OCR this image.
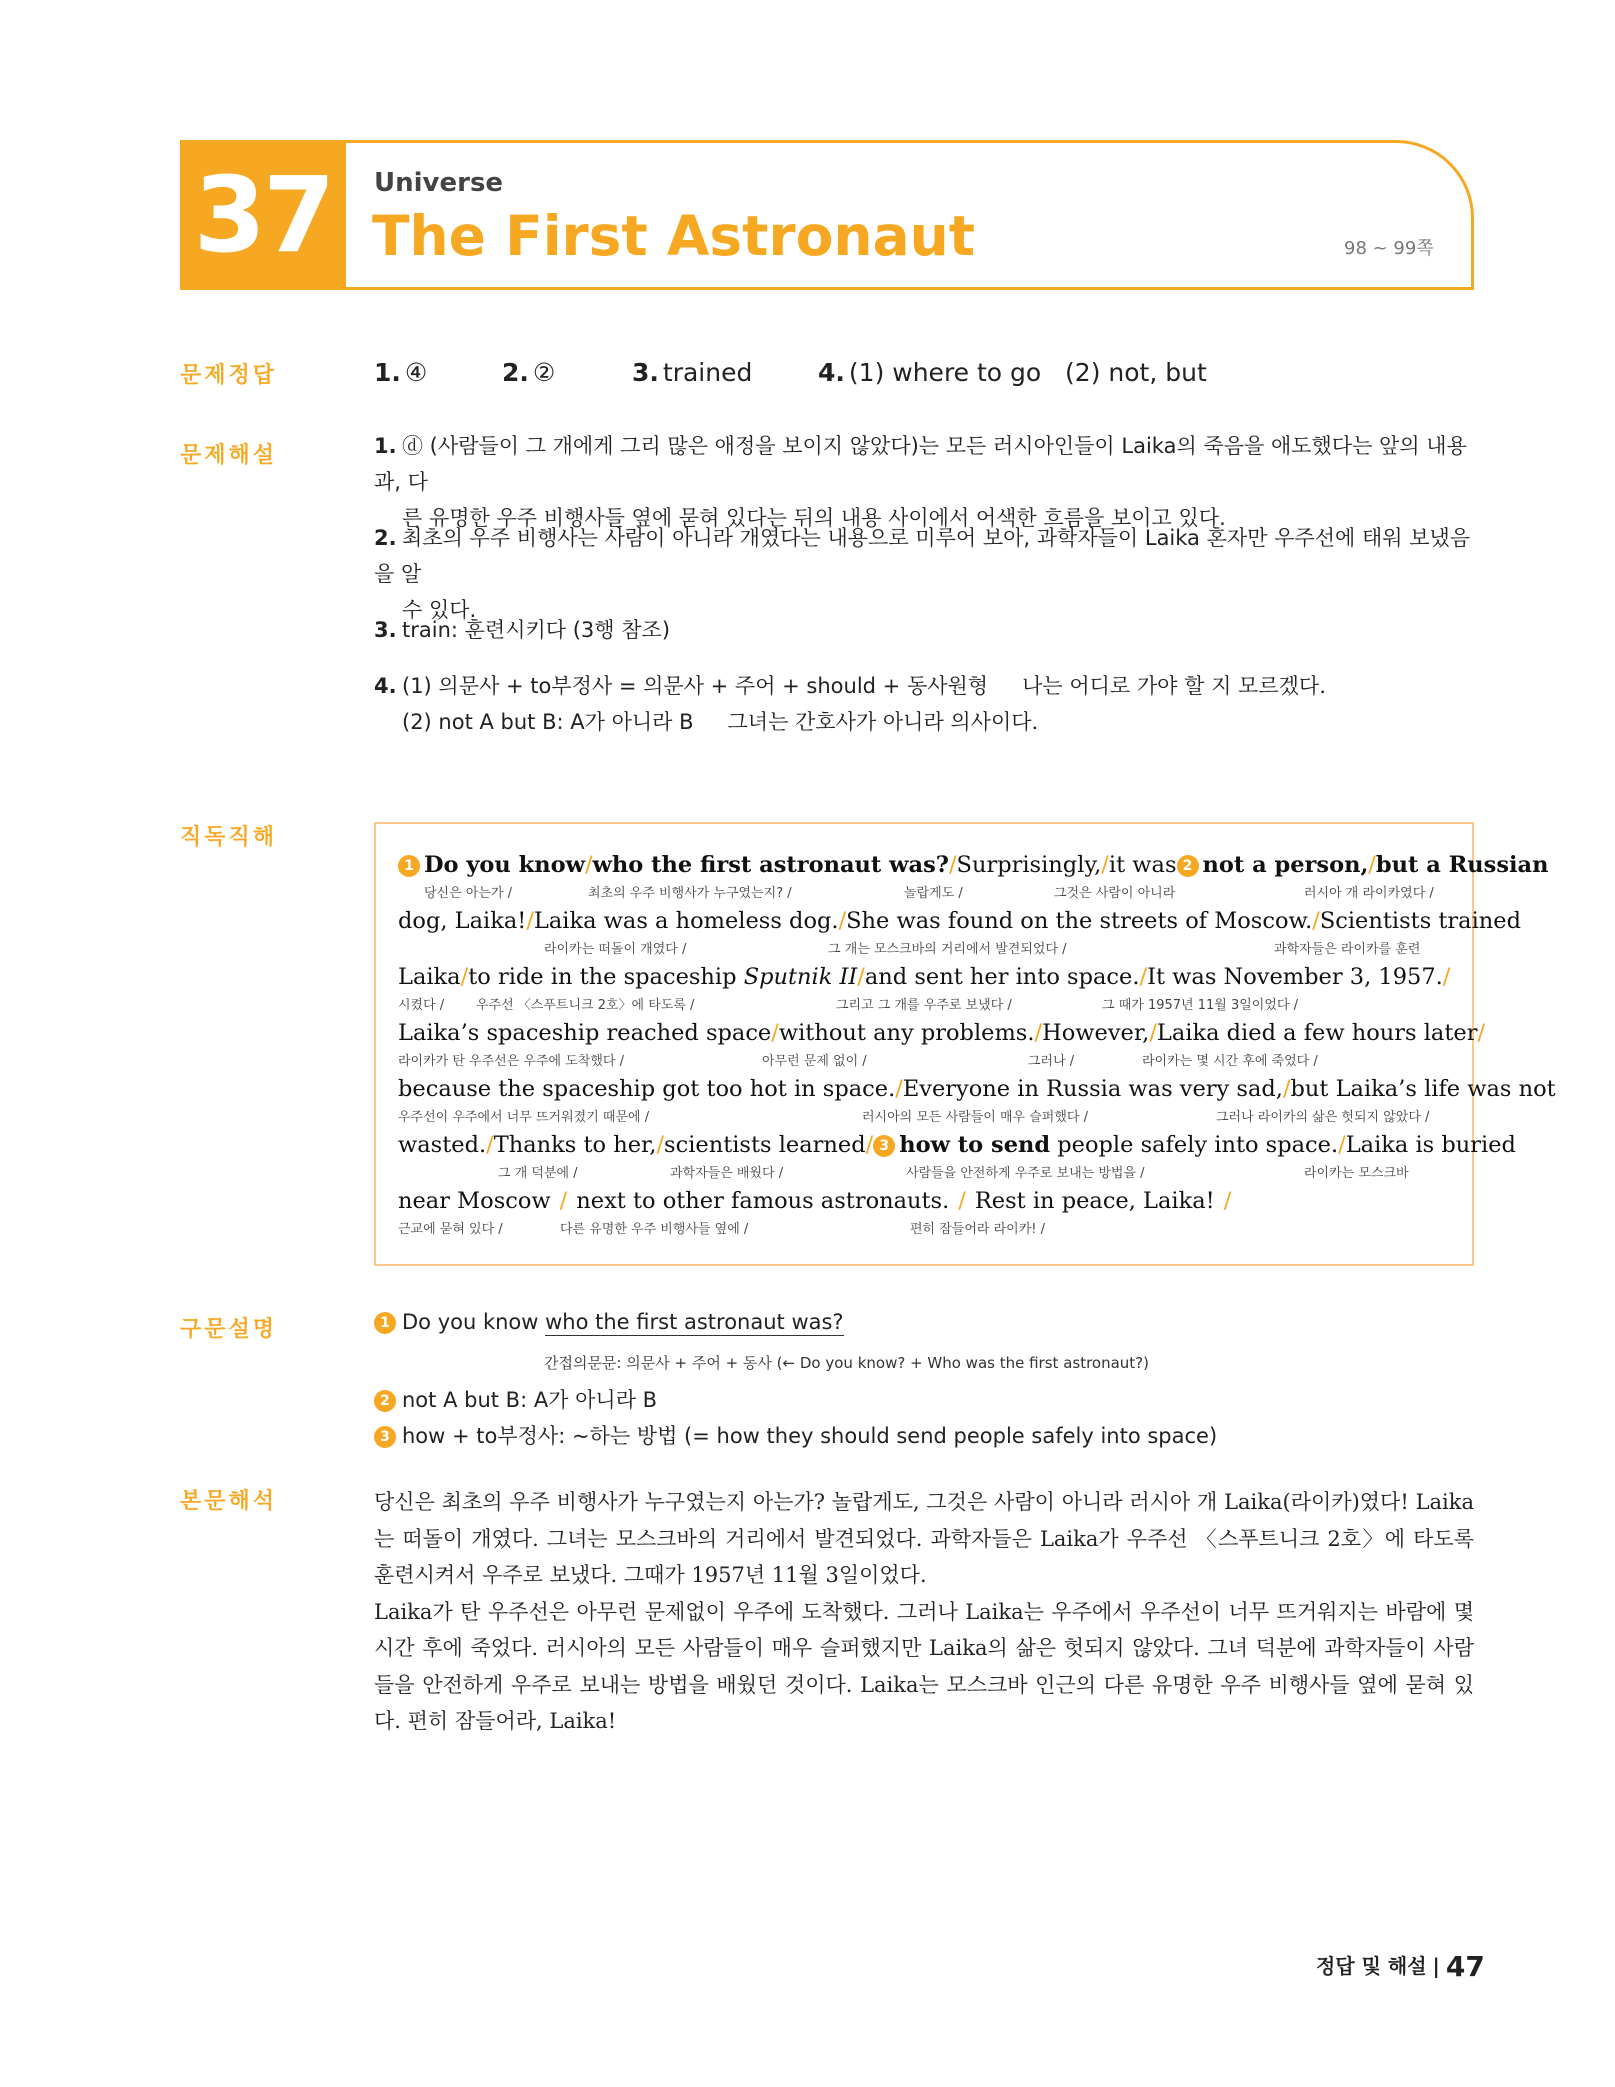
37	Universe
The First Astronaut	98 ~ 99쪽
문제정답
문제해설
직독직해
구문설명
본문해석
1. ④	2. ②	3. trained	4. (1) where to go   (2) not, but
1. ⓓ (사람들이 그 개에게 그리 많은 애정을 보이지 않았다)는 모든 러시아인들이 Laika의 죽음을 애도했다는 앞의 내용과, 다
른 유명한 우주 비행사들 옆에 묻혀 있다는 뒤의 내용 사이에서 어색한 흐름을 보이고 있다.
2. 최초의 우주 비행사는 사람이 아니라 개였다는 내용으로 미루어 보아, 과학자들이 Laika 혼자만 우주선에 태워 보냈음을 알
수 있다.
3. train: 훈련시키다 (3행 참조)
4. (1) 의문사 + to부정사 = 의문사 + 주어 + should + 동사원형 나는 어디로 가야 할 지 모르겠다.
(2) not A but B: A가 아니라 B 그녀는 간호사가 아니라 의사이다.
1 Do you know / who the first astronaut was? / Surprisingly, / it was 2 not a person, / but a Russian
당신은 아는가 /	최초의 우주 비행사가 누구였는지? /	놀랍게도 /	그것은 사람이 아니라	러시아 개 라이카였다 /
dog, Laika! / Laika was a homeless dog. / She was found on the streets of Moscow. / Scientists trained
라이카는 떠돌이 개였다 /	그 개는 모스크바의 거리에서 발견되었다 /	과학자들은 라이카를 훈련
Laika / to ride in the spaceship Sputnik II / and sent her into space. / It was November 3, 1957. /
시켰다 / 우주선 〈스푸트니크 2호〉에 타도록 /	그리고 그 개를 우주로 보냈다 /	그 때가 1957년 11월 3일이었다 /
Laika’s spaceship reached space / without any problems. / However, / Laika died a few hours later /
라이카가 탄 우주선은 우주에 도착했다 /	아무런 문제 없이 /	그러나 /	라이카는 몇 시간 후에 죽었다 /
because the spaceship got too hot in space. / Everyone in Russia was very sad, / but Laika’s life was not
우주선이 우주에서 너무 뜨거워졌기 때문에 /	러시아의 모든 사람들이 매우 슬퍼했다 /	그러나 라이카의 삶은 헛되지 않았다 /
wasted. / Thanks to her, / scientists learned / 3 how to send people safely into space. / Laika is buried
그 개 덕분에 /	과학자들은 배웠다 /	사람들을 안전하게 우주로 보내는 방법을 /	라이카는 모스크바
near Moscow / next to other famous astronauts. / Rest in peace, Laika! /
근교에 묻혀 있다 /	다른 유명한 우주 비행사들 옆에 /	편히 잠들어라 라이카! /
1 Do you know who the first astronaut was?
간접의문문: 의문사 + 주어 + 동사 (← Do you know? + Who was the first astronaut?)
2 not A but B: A가 아니라 B
3 how + to부정사: ~하는 방법 (= how they should send people safely into space)

당신은 최초의 우주 비행사가 누구였는지 아는가? 놀랍게도, 그것은 사람이 아니라 러시아 개 Laika(라이카)였다! Laika는 떠돌이 개였다. 그녀는 모스크바의 거리에서 발견되었다. 과학자들은 Laika가 우주선 〈스푸트니크 2호〉에 타도록 훈련시켜서 우주로 보냈다. 그때가 1957년 11월 3일이었다.

Laika가 탄 우주선은 아무런 문제없이 우주에 도착했다. 그러나 Laika는 우주에서 우주선이 너무 뜨거워지는 바람에 몇 시간 후에 죽었다. 러시아의 모든 사람들이 매우 슬퍼했지만 Laika의 삶은 헛되지 않았다. 그녀 덕분에 과학자들이 사람들을 안전하게 우주로 보내는 방법을 배웠던 것이다. Laika는 모스크바 인근의 다른 유명한 우주 비행사들 옆에 묻혀 있다. 편히 잠들어라, Laika!

정답 및 해설 | 47
